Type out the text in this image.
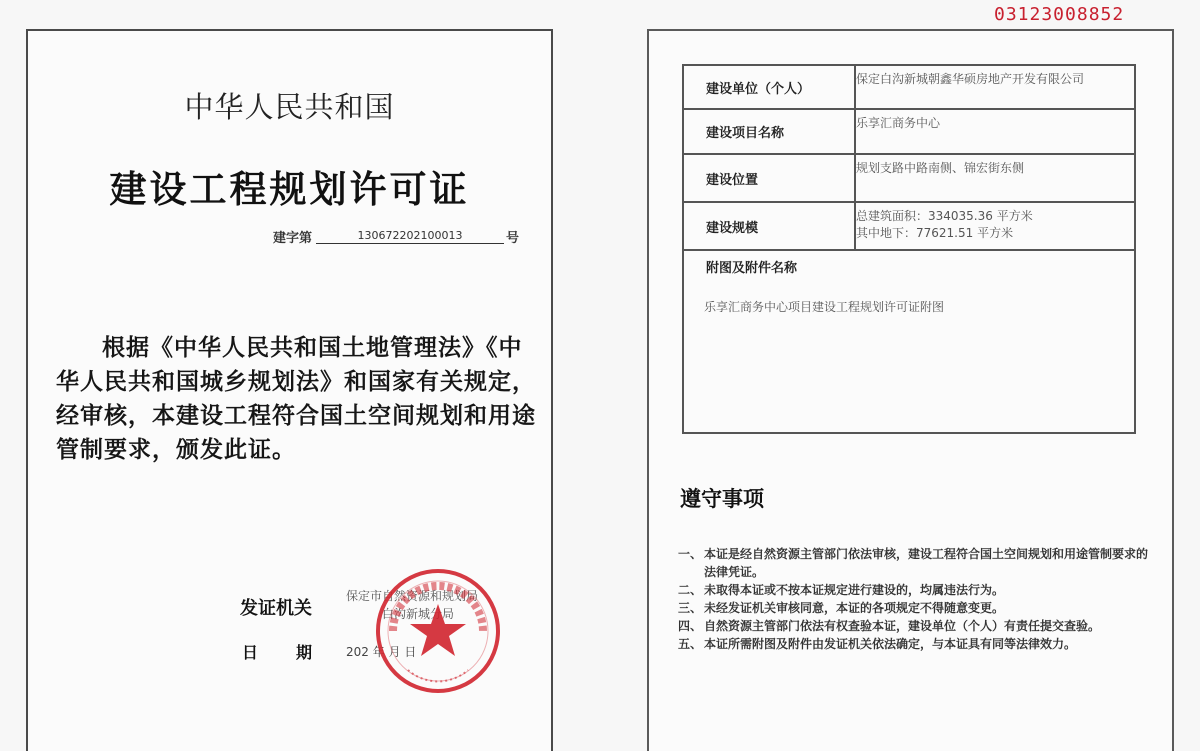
03123008852
中华人民共和国
建设工程规划许可证
建字第	130672202100013	号
根据《中华人民共和国土地管理法》《中华人民共和国城乡规划法》和国家有关规定，经审核，本建设工程符合国土空间规划和用途管制要求，颁发此证。
发证机关
保定市自然资源和规划局
白沟新城分局
日期
202 年 月 日
建设单位（个人）	保定白沟新城朝鑫华硕房地产开发有限公司
建设项目名称	乐享汇商务中心
建设位置	规划支路中路南侧、锦宏街东侧
建设规模	总建筑面积：334035.36 平方米
其中地下：77621.51 平方米

附图及附件名称
乐享汇商务中心项目建设工程规划许可证附图	
遵守事项
一、 本证是经自然资源主管部门依法审核，建设工程符合国土空间规划和用途管制要求的法律凭证。
二、 未取得本证或不按本证规定进行建设的，均属违法行为。
三、 未经发证机关审核同意，本证的各项规定不得随意变更。
四、 自然资源主管部门依法有权查验本证，建设单位（个人）有责任提交查验。
五、 本证所需附图及附件由发证机关依法确定，与本证具有同等法律效力。
